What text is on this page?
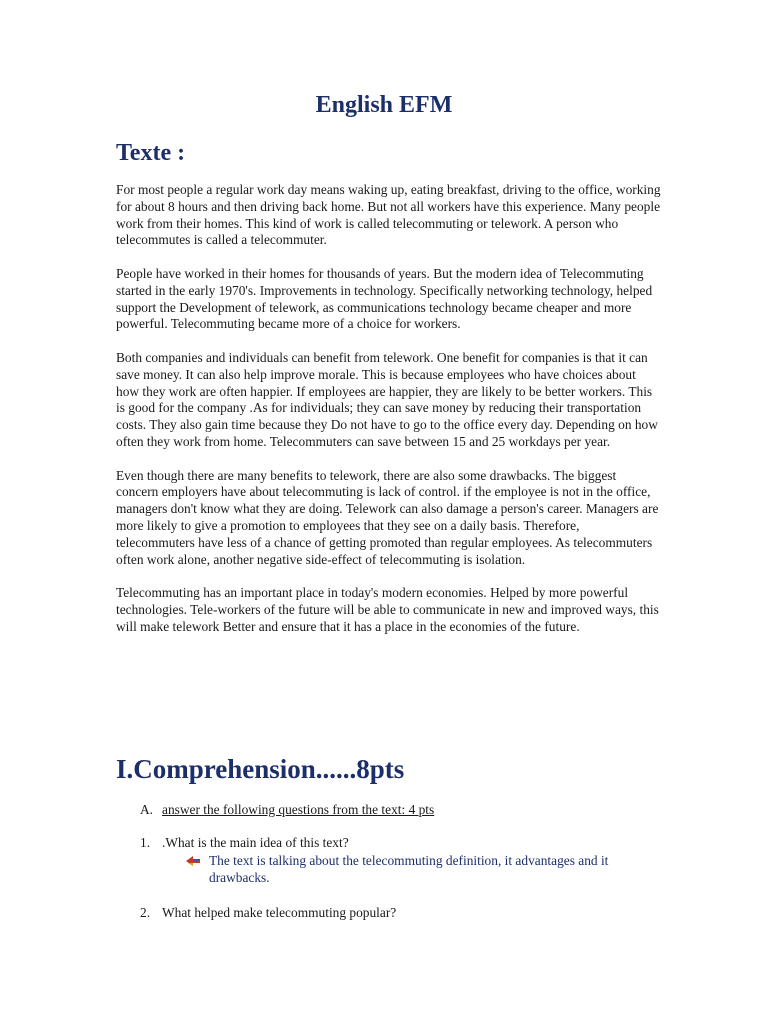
English EFM
Texte :

For most people a regular work day means waking up, eating breakfast, driving to the office, working for about 8 hours and then driving back home. But not all workers have this experience. Many people work from their homes. This kind of work is called telecommuting or telework. A person who telecommutes is called a telecommuter.

People have worked in their homes for thousands of years. But the modern idea of Telecommuting started in the early 1970's. Improvements in technology. Specifically networking technology, helped support the Development of telework, as communications technology became cheaper and more powerful. Telecommuting became more of a choice for workers.

Both companies and individuals can benefit from telework. One benefit for companies is that it can save money. It can also help improve morale. This is because employees who have choices about how they work are often happier. If employees are happier, they are likely to be better workers. This is good for the company .As for individuals; they can save money by reducing their transportation costs. They also gain time because they Do not have to go to the office every day. Depending on how often they work from home. Telecommuters can save between 15 and 25 workdays per year.

Even though there are many benefits to telework, there are also some drawbacks. The biggest concern employers have about telecommuting is lack of control. if the employee is not in the office, managers don't know what they are doing. Telework can also damage a person's career. Managers are more likely to give a promotion to employees that they see on a daily basis. Therefore, telecommuters have less of a chance of getting promoted than regular employees. As telecommuters often work alone, another negative side-effect of telecommuting is isolation.

Telecommuting has an important place in today's modern economies. Helped by more powerful technologies. Tele-workers of the future will be able to communicate in new and improved ways, this will make telework Better and ensure that it has a place in the economies of the future.

I.Comprehension......8pts
A. answer the following questions from the text: 4 pts
1. .What is the main idea of this text?
The text is talking about the telecommuting definition, it advantages and it drawbacks.
2. What helped make telecommuting popular?
